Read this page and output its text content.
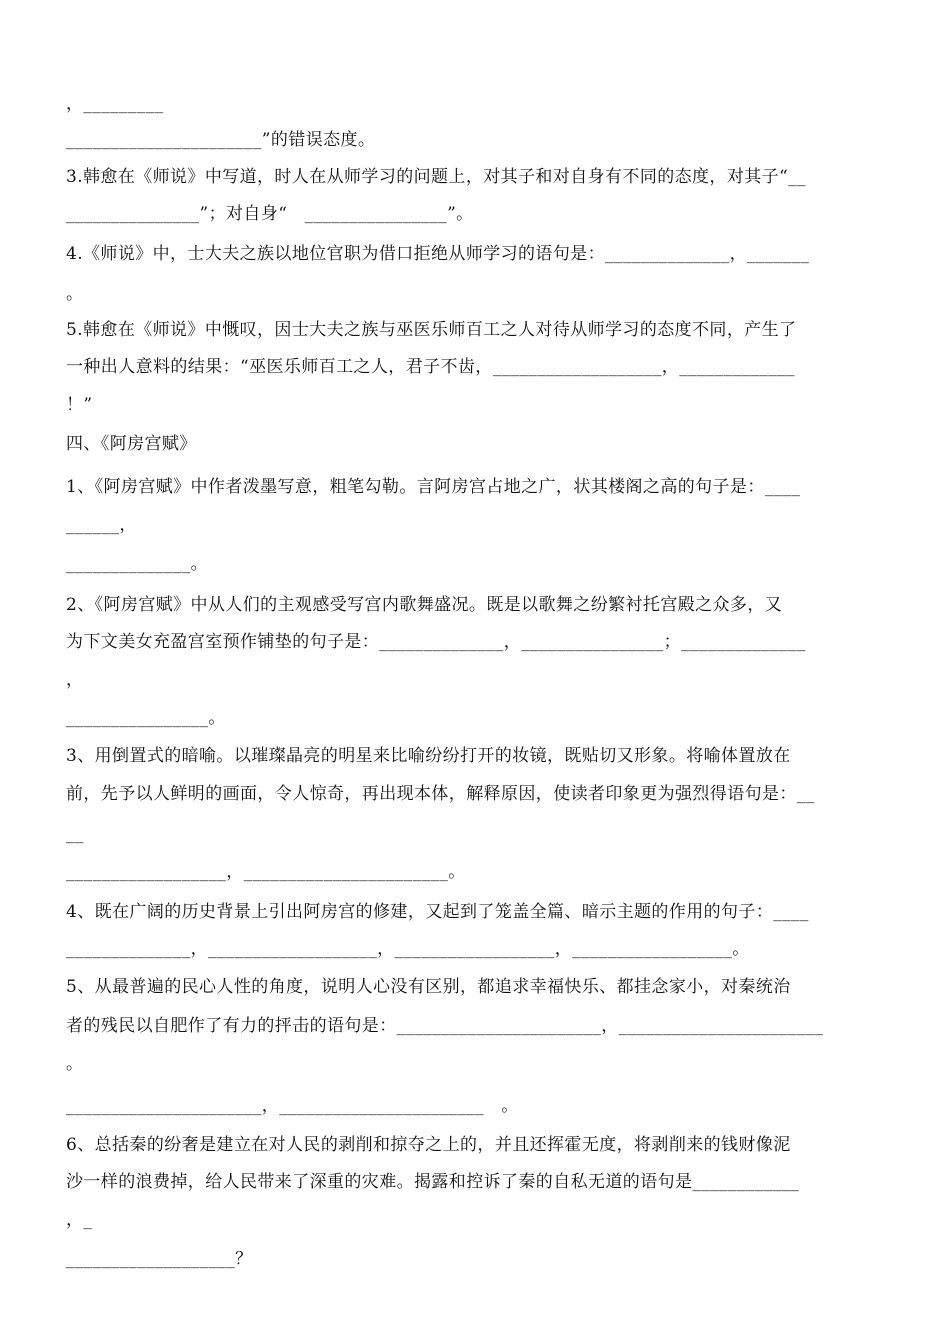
，_________
______________________”的错误态度。
3.韩愈在《师说》中写道，时人在从师学习的问题上，对其子和对自身有不同的态度，对其子“__
_______________”；对自身“　________________”。
4.《师说》中，士大夫之族以地位官职为借口拒绝从师学习的语句是：______________，_______
。
5.韩愈在《师说》中慨叹，因士大夫之族与巫医乐师百工之人对待从师学习的态度不同，产生了
一种出人意料的结果：“巫医乐师百工之人，君子不齿，___________________，_____________
！”
四、《阿房宫赋》
1、《阿房宫赋》中作者泼墨写意，粗笔勾勒。言阿房宫占地之广，状其楼阁之高的句子是：____
______，
______________。
2、《阿房宫赋》中从人们的主观感受写宫内歌舞盛况。既是以歌舞之纷繁衬托宫殿之众多，又
为下文美女充盈宫室预作铺垫的句子是：______________，________________；______________
，
________________。
3、用倒置式的暗喻。以璀璨晶亮的明星来比喻纷纷打开的妆镜，既贴切又形象。将喻体置放在
前，先予以人鲜明的画面，令人惊奇，再出现本体，解释原因，使读者印象更为强烈得语句是：__
__
__________________，_______________________。
4、既在广阔的历史背景上引出阿房宫的修建，又起到了笼盖全篇、暗示主题的作用的句子：____
______________，___________________，__________________，__________________。
5、从最普遍的民心人性的角度，说明人心没有区别，都追求幸福快乐、都挂念家小，对秦统治
者的残民以自肥作了有力的抨击的语句是：_______________________，_______________________
。
______________________，_______________________　。
6、总括秦的纷奢是建立在对人民的剥削和掠夺之上的，并且还挥霍无度，将剥削来的钱财像泥
沙一样的浪费掉，给人民带来了深重的灾难。揭露和控诉了秦的自私无道的语句是____________
，_
___________________？
